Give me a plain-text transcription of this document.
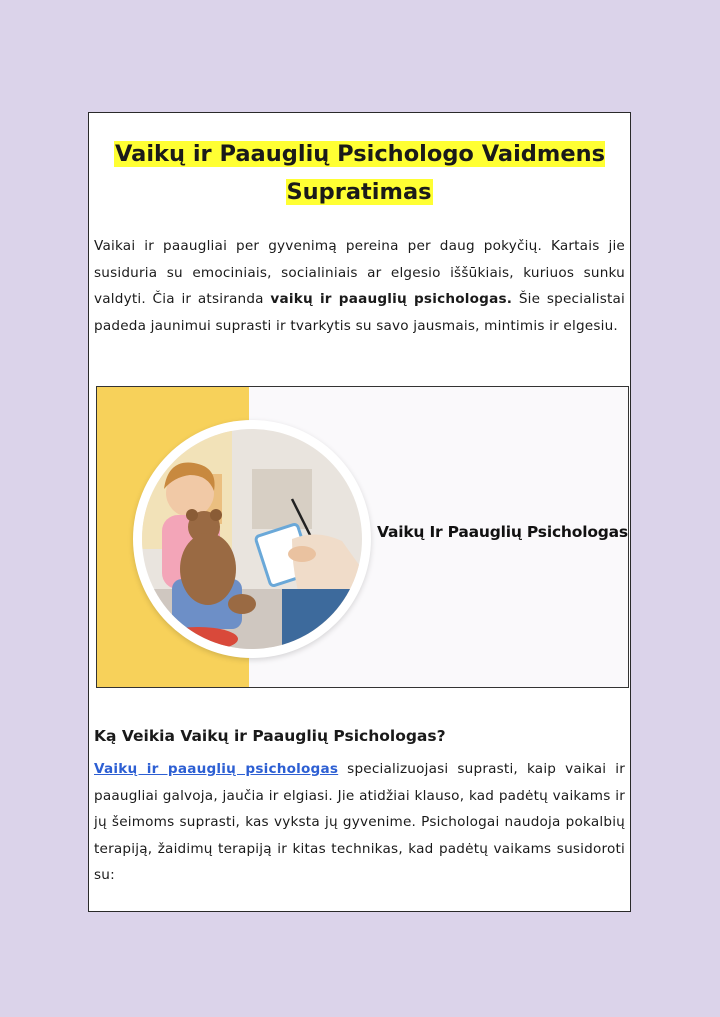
Vaikų ir Paauglių Psichologo Vaidmens Supratimas

Vaikai ir paaugliai per gyvenimą pereina per daug pokyčių. Kartais jie susiduria su emociniais, socialiniais ar elgesio iššūkiais, kuriuos sunku valdyti. Čia ir atsiranda vaikų ir paauglių psichologas. Šie specialistai padeda jaunimui suprasti ir tvarkytis su savo jausmais, mintimis ir elgesiu.

Vaikų Ir Paauglių Psichologas
Ką Veikia Vaikų ir Paauglių Psichologas?

Vaikų ir paauglių psichologas specializuojasi suprasti, kaip vaikai ir paaugliai galvoja, jaučia ir elgiasi. Jie atidžiai klauso, kad padėtų vaikams ir jų šeimoms suprasti, kas vyksta jų gyvenime. Psichologai naudoja pokalbių terapiją, žaidimų terapiją ir kitas technikas, kad padėtų vaikams susidoroti su:
